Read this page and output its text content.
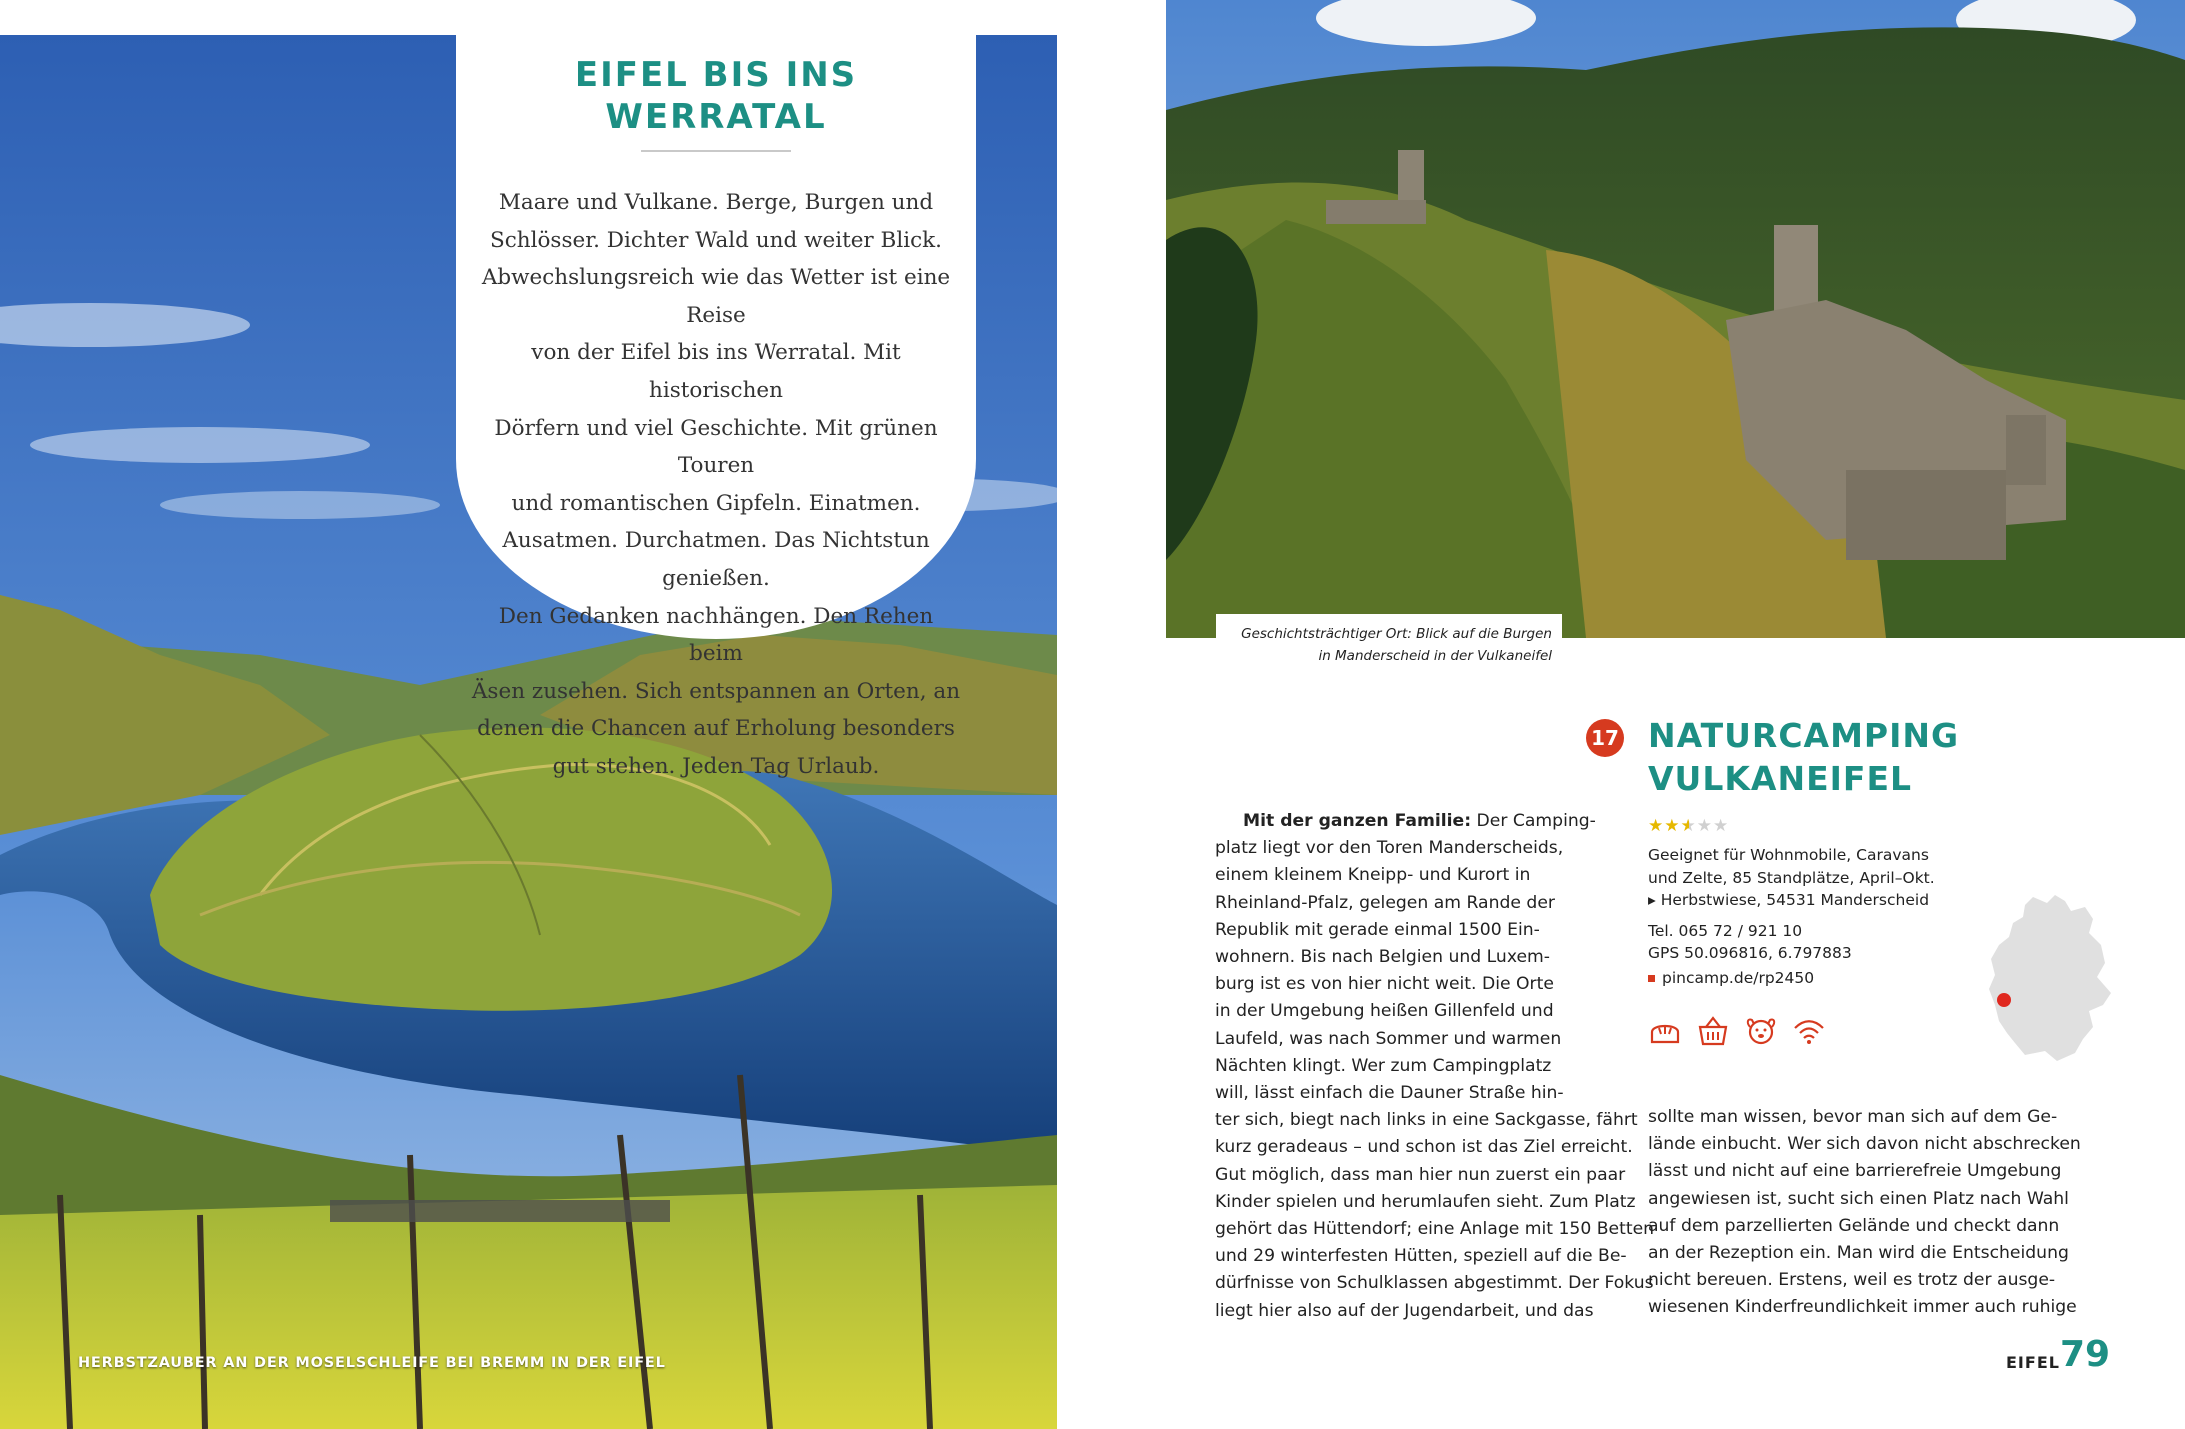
EIFEL BIS INS
WERRATAL
Maare und Vulkane. Berge, Burgen und
Schlösser. Dichter Wald und weiter Blick.
Abwechslungsreich wie das Wetter ist eine Reise
von der Eifel bis ins Werratal. Mit historischen
Dörfern und viel Geschichte. Mit grünen Touren
und romantischen Gipfeln. Einatmen.
Ausatmen. Durchatmen. Das Nichtstun genießen.
Den Gedanken nachhängen. Den Rehen beim
Äsen zusehen. Sich entspannen an Orten, an
denen die Chancen auf Erholung besonders
gut stehen. Jeden Tag Urlaub.
HERBSTZAUBER AN DER MOSELSCHLEIFE BEI BREMM IN DER EIFEL
Geschichtsträchtiger Ort: Blick auf die Burgen
in Manderscheid in der Vulkaneifel
17 NATURCAMPING
VULKANEIFEL
Mit der ganzen Familie: Der Camping-
platz liegt vor den Toren Manderscheids,
einem kleinem Kneipp- und Kurort in
Rheinland-Pfalz, gelegen am Rande der
Republik mit gerade einmal 1500 Ein-
wohnern. Bis nach Belgien und Luxem-
burg ist es von hier nicht weit. Die Orte
in der Umgebung heißen Gillenfeld und
Laufeld, was nach Sommer und warmen
Nächten klingt. Wer zum Campingplatz
will, lässt einfach die Dauner Straße hin-
ter sich, biegt nach links in eine Sackgasse, fährt
kurz geradeaus – und schon ist das Ziel erreicht.
Gut möglich, dass man hier nun zuerst ein paar
Kinder spielen und herumlaufen sieht. Zum Platz
gehört das Hüttendorf; eine Anlage mit 150 Betten
und 29 winterfesten Hütten, speziell auf die Be-
dürfnisse von Schulklassen abgestimmt. Der Fokus
liegt hier also auf der Jugendarbeit, und das
★★★★★
Geeignet für Wohnmobile, Caravans
und Zelte, 85 Standplätze, April–Okt.
▸ Herbstwiese, 54531 Manderscheid
Tel. 065 72 / 921 10
GPS 50.096816, 6.797883
pincamp.de/rp2450
sollte man wissen, bevor man sich auf dem Ge-
lände einbucht. Wer sich davon nicht abschrecken
lässt und nicht auf eine barrierefreie Umgebung
angewiesen ist, sucht sich einen Platz nach Wahl
auf dem parzellierten Gelände und checkt dann
an der Rezeption ein. Man wird die Entscheidung
nicht bereuen. Erstens, weil es trotz der ausge-
wiesenen Kinderfreundlichkeit immer auch ruhige
EIFEL 79
